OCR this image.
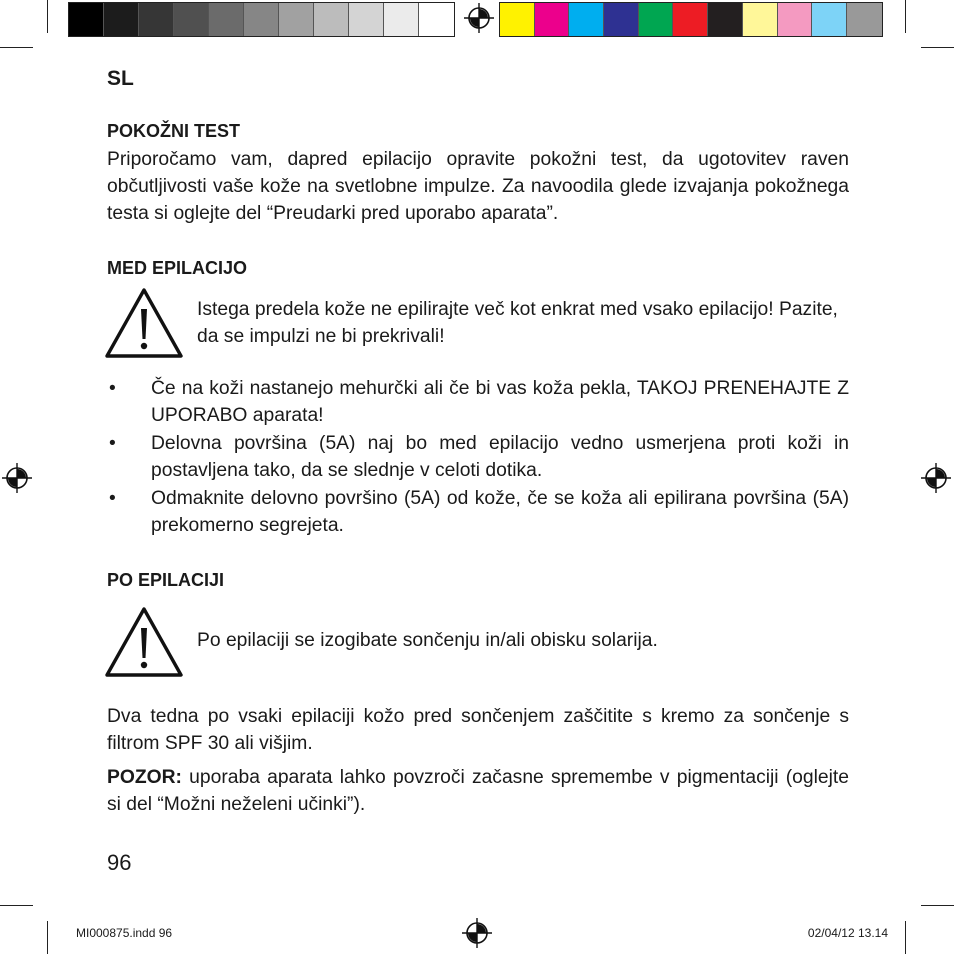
SL
POKOŽNI TEST
Priporočamo vam, dapred epilacijo opravite pokožni test, da ugotovitev raven občutljivosti vaše kože na svetlobne impulze. Za navoodila glede izvajanja pokožnega testa si oglejte del “Preudarki pred uporabo aparata”.
MED EPILACIJO
Istega predela kože ne epilirajte več kot enkrat med vsako epilacijo! Pazite, da se impulzi ne bi prekrivali!
• Če na koži nastanejo mehurčki ali če bi vas koža pekla, TAKOJ PRENEHAJTE Z UPORABO aparata!
• Delovna površina (5A) naj bo med epilacijo vedno usmerjena proti koži in postavljena tako, da se slednje v celoti dotika.
• Odmaknite delovno površino (5A) od kože, če se koža ali epilirana površina (5A) prekomerno segrejeta.
PO EPILACIJI
Po epilaciji se izogibate sončenju in/ali obisku solarija.
Dva tedna po vsaki epilaciji kožo pred sončenjem zaščitite s kremo za sončenje s filtrom SPF 30 ali višjim.
POZOR: uporaba aparata lahko povzroči začasne spremembe v pigmentaciji (oglejte si del “Možni neželeni učinki”).
96
MI000875.indd 96	02/04/12 13.14
